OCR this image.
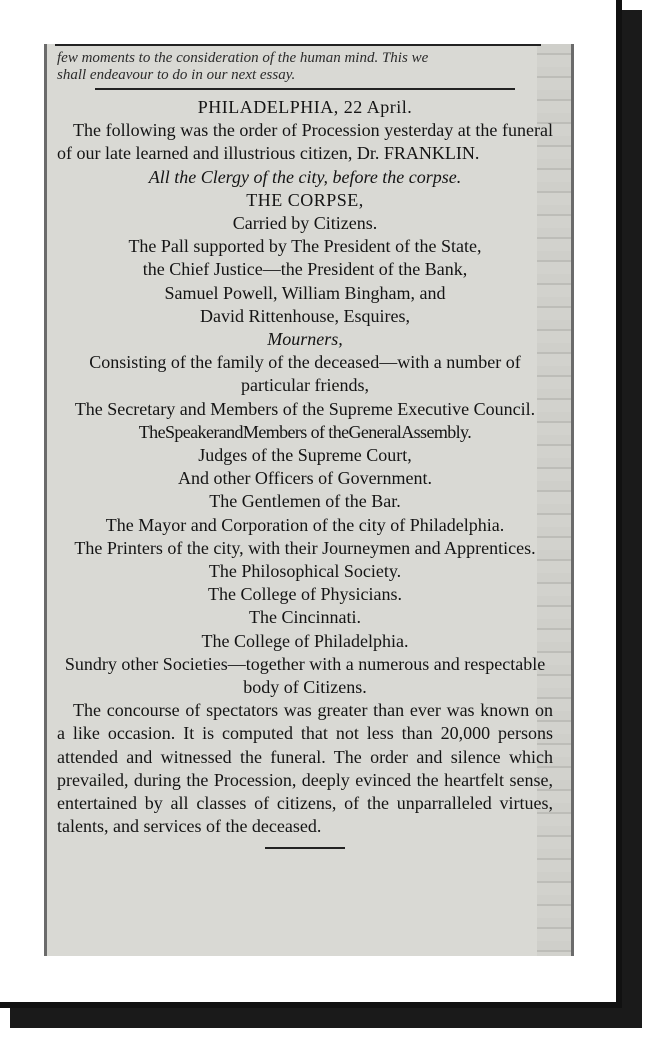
few moments to the consideration of the human mind. This we
shall endeavour to do in our next essay.

PHILADELPHIA, 22 April.

The following was the order of Procession yesterday at the funeral of our late learned and illustrious citizen, Dr. FRANKLIN.

All the Clergy of the city, before the corpse.

THE CORPSE,

Carried by Citizens.

The Pall supported by The President of the State,

the Chief Justice—the President of the Bank,

Samuel Powell, William Bingham, and

David Rittenhouse, Esquires,

Mourners,

Consisting of the family of the deceased—with a number of particular friends,

The Secretary and Members of the Supreme Executive Council.

TheSpeakerandMembers of theGeneralAssembly.

Judges of the Supreme Court,

And other Officers of Government.

The Gentlemen of the Bar.

The Mayor and Corporation of the city of Philadelphia.

The Printers of the city, with their Journeymen and Apprentices.

The Philosophical Society.

The College of Physicians.

The Cincinnati.

The College of Philadelphia.

Sundry other Societies—together with a numerous and respectable body of Citizens.

The concourse of spectators was greater than ever was known on a like occasion. It is computed that not less than 20,000 persons attended and witnessed the funeral. The order and silence which prevailed, during the Procession, deeply evinced the heartfelt sense, entertained by all classes of citizens, of the unparralleled virtues, talents, and services of the deceased.
